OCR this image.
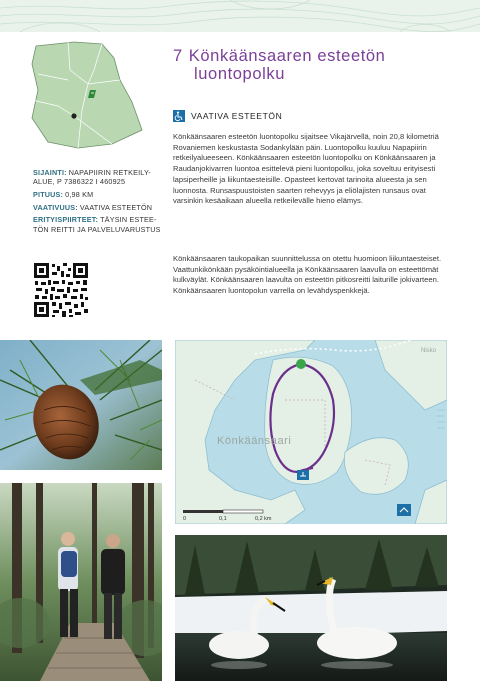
SIJAINTI: NAPAPIIRIN RETKEILY-
ALUE, P 7386322 I 460925
PITUUS: 0,98 KM
VAATIVUUS: VAATIVA ESTEETÖN
ERITYISPIIRTEET: TÄYSIN ESTEE-
TÖN REITTI JA PALVELUVARUSTUS
7 Könkäänsaaren esteetön
luontopolku
VAATIVA ESTEETÖN
Könkäänsaaren esteetön luontopolku sijaitsee Vikajärvellä, noin 20,8 kilometriä Rovaniemen keskustasta Sodankylään päin. Luontopolku kuuluu Napapiirin retkeilyalueeseen. Könkäänsaaren esteetön luontopolku on Könkäänsaaren ja Raudanjokivarren luontoa esittelevä pieni luontopolku, joka soveltuu erityisesti lapsiperheille ja liikuntaesteisille. Opasteet kertovat tarinoita alueesta ja sen luonnosta. Runsaspuustoisten saarten rehevyys ja eliölajisten runsaus ovat varsinkin kesäaikaan alueella retkeilevälle hieno elämys.
Könkäänsaaren taukopaikan suunnittelussa on otettu huomioon liikuntaesteiset. Vaattunkikönkään pysäköintialueella ja Könkäänsaaren laavulla on esteettömät kulkväylät. Könkäänsaaren laavulta on esteetön pitkosreitti laiturille jokivarteen. Könkäänsaaren luontopolun varrella on levähdyspenkkejä.
Könkäänsaari
Nisko
0	0,1	0,2 km
